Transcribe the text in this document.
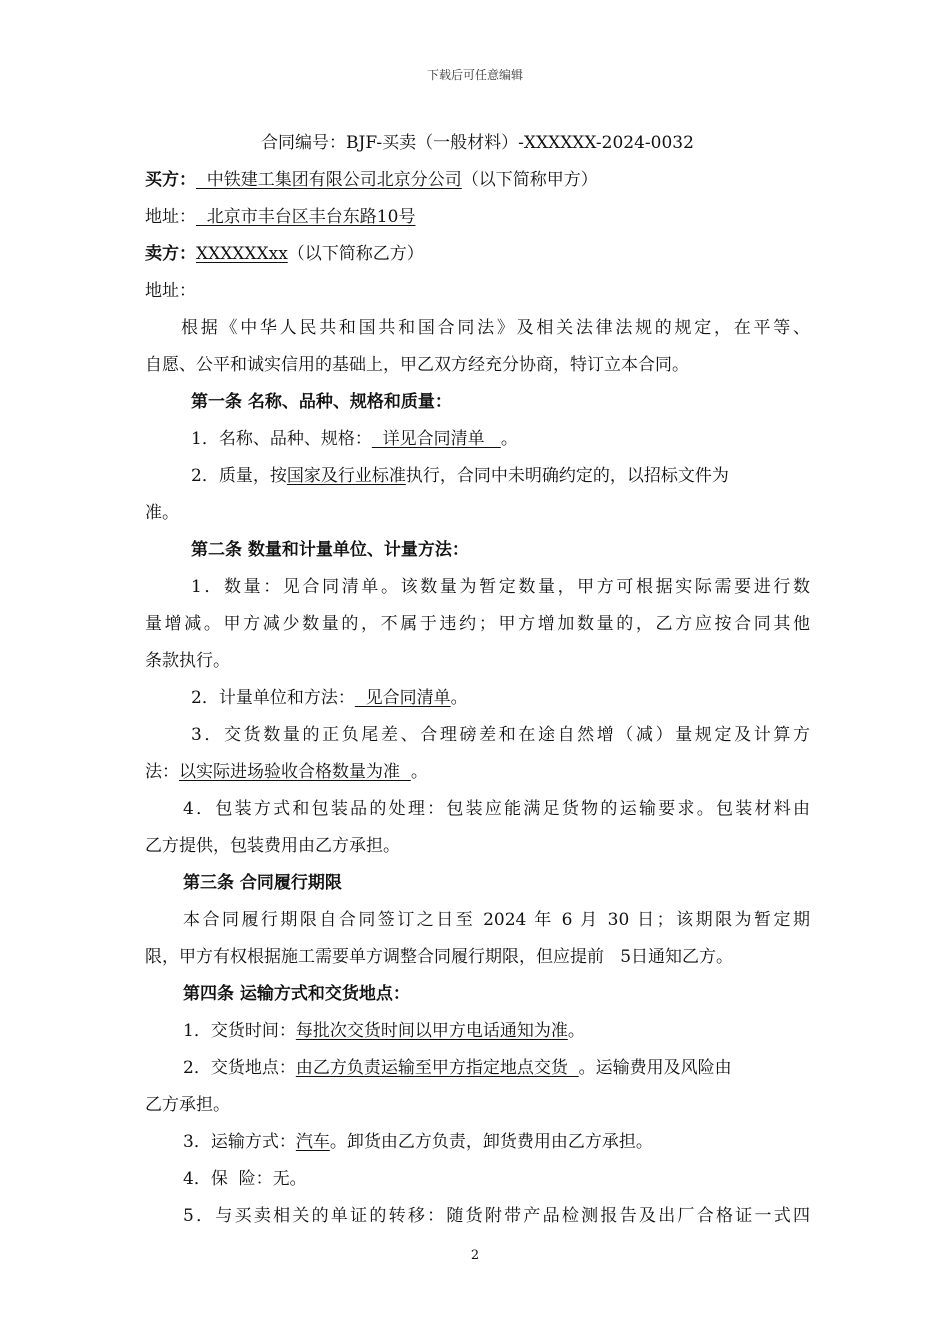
下载后可任意编辑
合同编号：BJF-买卖（一般材料）-XXXXXX-2024-0032
买方：  中铁建工集团有限公司北京分公司（以下简称甲方）
地址：  北京市丰台区丰台东路10号
卖方：XXXXXXxx（以下简称乙方）
地址：
根据《中华人民共和国共和国合同法》及相关法律法规的规定，在平等、
自愿、公平和诚实信用的基础上，甲乙双方经充分协商，特订立本合同。
第一条 名称、品种、规格和质量：
1．名称、品种、规格：  详见合同清单   。
2．质量，按国家及行业标准执行，合同中未明确约定的，以招标文件为
准。
第二条 数量和计量单位、计量方法：
1．数量：见合同清单。该数量为暂定数量，甲方可根据实际需要进行数
量增减。甲方减少数量的，不属于违约；甲方增加数量的，乙方应按合同其他
条款执行。
2．计量单位和方法：  见合同清单。
3．交货数量的正负尾差、合理磅差和在途自然增（减）量规定及计算方
法：以实际进场验收合格数量为准  。
4．包装方式和包装品的处理：包装应能满足货物的运输要求。包装材料由
乙方提供，包装费用由乙方承担。
第三条 合同履行期限
本合同履行期限自合同签订之日至 2024 年 6 月 30 日；该期限为暂定期
限，甲方有权根据施工需要单方调整合同履行期限，但应提前   5日通知乙方。
第四条 运输方式和交货地点：
1．交货时间：每批次交货时间以甲方电话通知为准。
2．交货地点：由乙方负责运输至甲方指定地点交货  。运输费用及风险由
乙方承担。
3．运输方式：汽车。卸货由乙方负责，卸货费用由乙方承担。
4．保  险：无。
5．与买卖相关的单证的转移：随货附带产品检测报告及出厂合格证一式四
2
